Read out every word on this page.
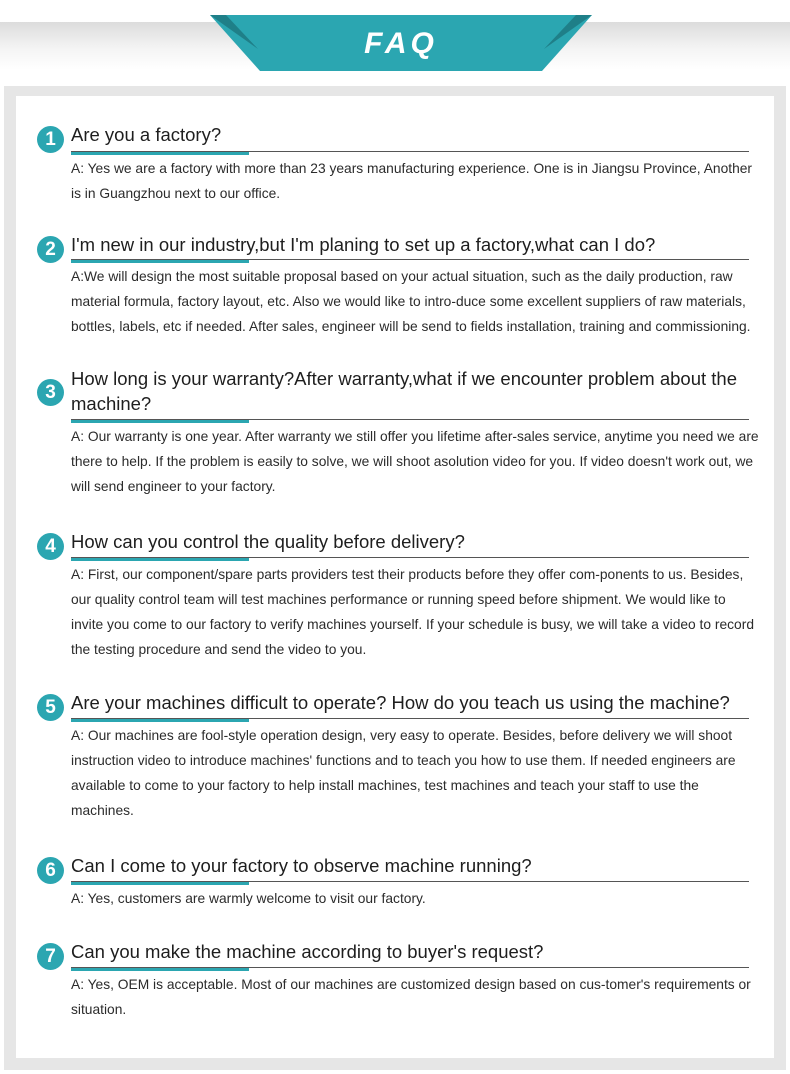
FAQ
1 Are you a factory?

A: Yes we are a factory with more than 23 years manufacturing experience. One is in Jiangsu Province, Another is in Guangzhou next to our office.

2 I'm new in our industry,but I'm planing to set up a factory,what can I do?

A:We will design the most suitable proposal based on your actual situation, such as the daily production, raw material formula, factory layout, etc. Also we would like to intro-duce some excellent suppliers of raw materials, bottles, labels, etc if needed. After sales, engineer will be send to fields installation, training and commissioning.

3
How long is your warranty?After warranty,what if we encounter problem about the machine?

A: Our warranty is one year. After warranty we still offer you lifetime after-sales service, anytime you need we are there to help. If the problem is easily to solve, we will shoot asolution video for you. If video doesn't work out, we will send engineer to your factory.

4 How can you control the quality before delivery?

A: First, our component/spare parts providers test their products before they offer com-ponents to us. Besides, our quality control team will test machines performance or running speed before shipment. We would like to invite you come to our factory to verify machines yourself. If your schedule is busy, we will take a video to record the testing procedure and send the video to you.

5 Are your machines difficult to operate? How do you teach us using the machine?

A: Our machines are fool-style operation design, very easy to operate. Besides, before delivery we will shoot instruction video to introduce machines' functions and to teach you how to use them. If needed engineers are available to come to your factory to help install machines, test machines and teach your staff to use the machines.

6 Can I come to your factory to observe machine running?

A: Yes, customers are warmly welcome to visit our factory.

7 Can you make the machine according to buyer's request?

A: Yes, OEM is acceptable. Most of our machines are customized design based on cus-tomer's requirements or situation.
